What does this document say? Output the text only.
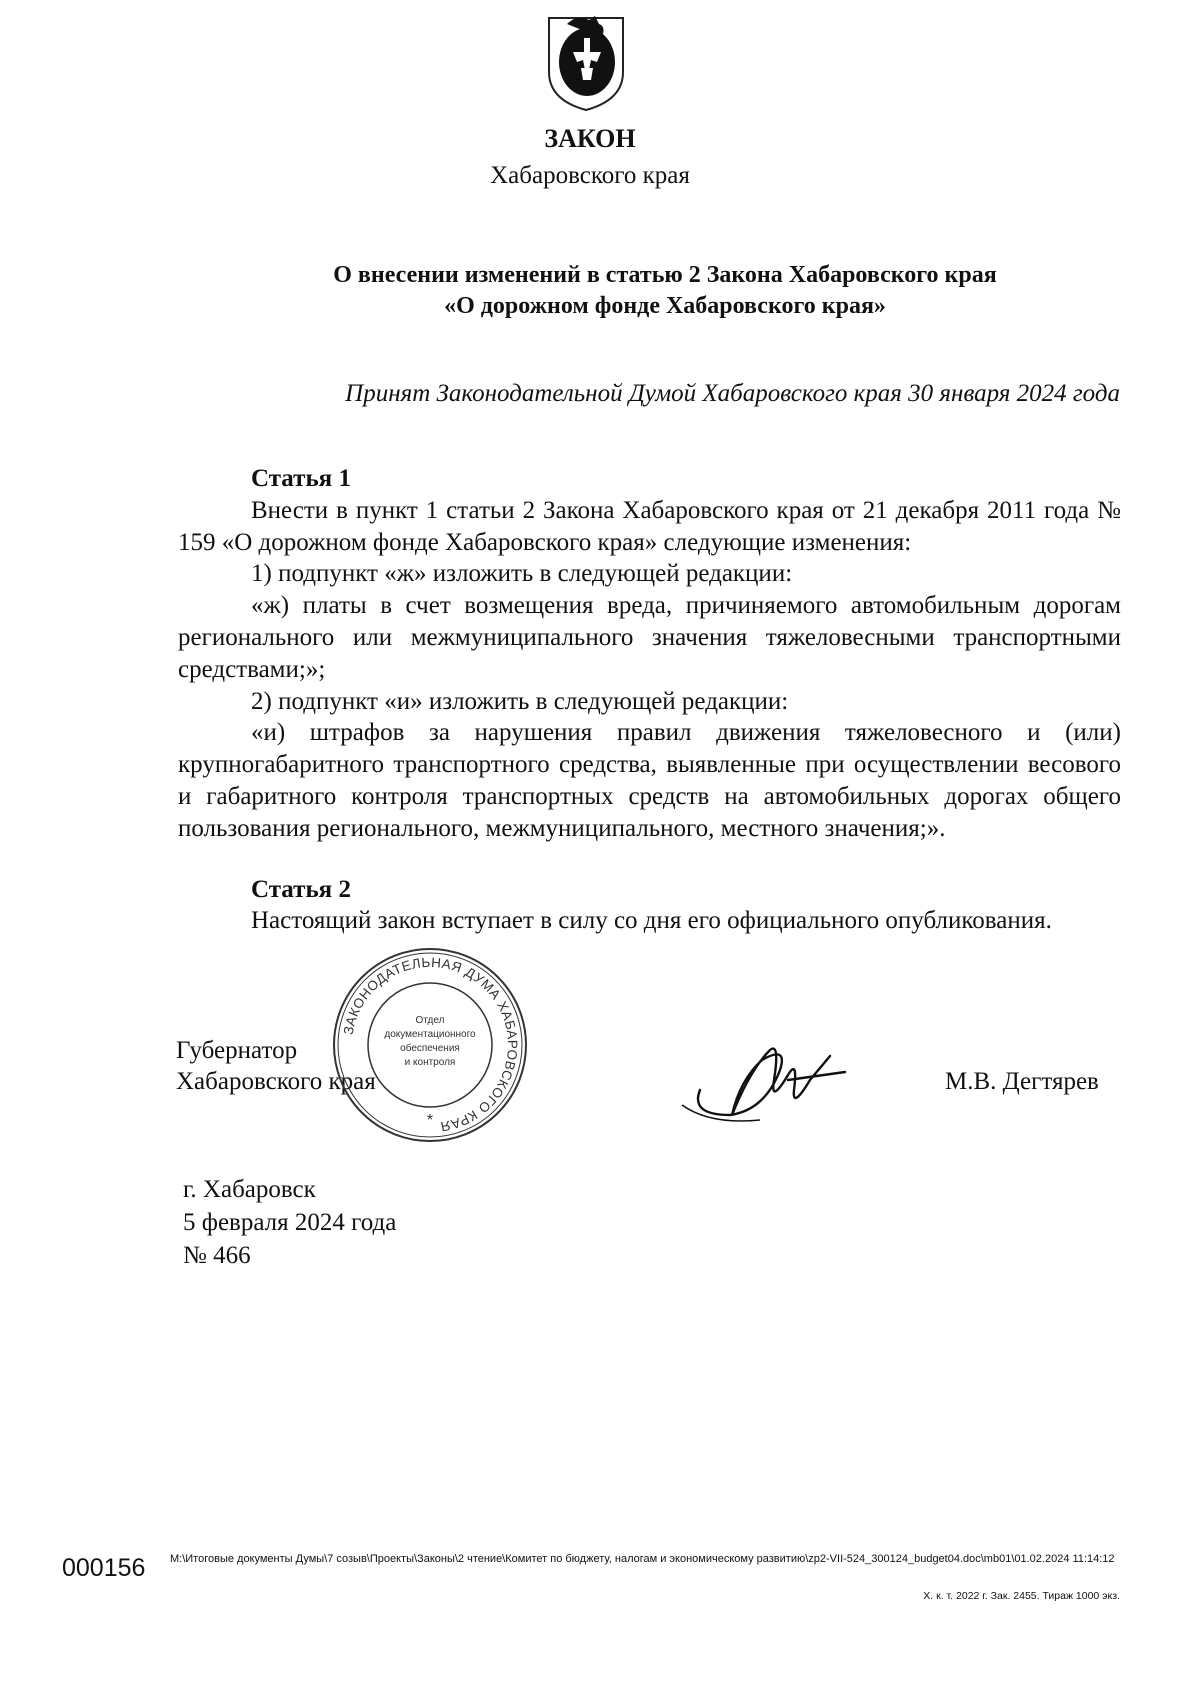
ЗАКОН
Хабаровского края
О внесении изменений в статью 2 Закона Хабаровского края
«О дорожном фонде Хабаровского края»
Принят Законодательной Думой Хабаровского края 30 января 2024 года

Статья 1

Внести в пункт 1 статьи 2 Закона Хабаровского края от 21 декабря 2011 года № 159 «О дорожном фонде Хабаровского края» следующие изменения:

1) подпункт «ж» изложить в следующей редакции:

«ж) платы в счет возмещения вреда, причиняемого автомобильным дорогам регионального или межмуниципального значения тяжеловесными транспортными средствами;»;

2) подпункт «и» изложить в следующей редакции:

«и) штрафов за нарушения правил движения тяжеловесного и (или) крупногабаритного транспортного средства, выявленные при осуществлении весового и габаритного контроля транспортных средств на автомобильных дорогах общего пользования регионального, межмуниципального, местного значения;».

Статья 2

Настоящий закон вступает в силу со дня его официального опубликования.

Губернатор
Хабаровского края
ЗАКОНОДАТЕЛЬНАЯ ДУМА ХАБАРОВСКОГО КРАЯ
Отдел
документационного
обеспечения
и контроля
*
М.В. Дегтярев
г. Хабаровск
5 февраля 2024 года
№ 466
000156 M:\Итоговые документы Думы\7 созыв\Проекты\Законы\2 чтение\Комитет по бюджету, налогам и экономическому развитию\zp2-VII-524_300124_budget04.doc\mb01\01.02.2024 11:14:12
Х. к. т. 2022 г. Зак. 2455. Тираж 1000 экз.
